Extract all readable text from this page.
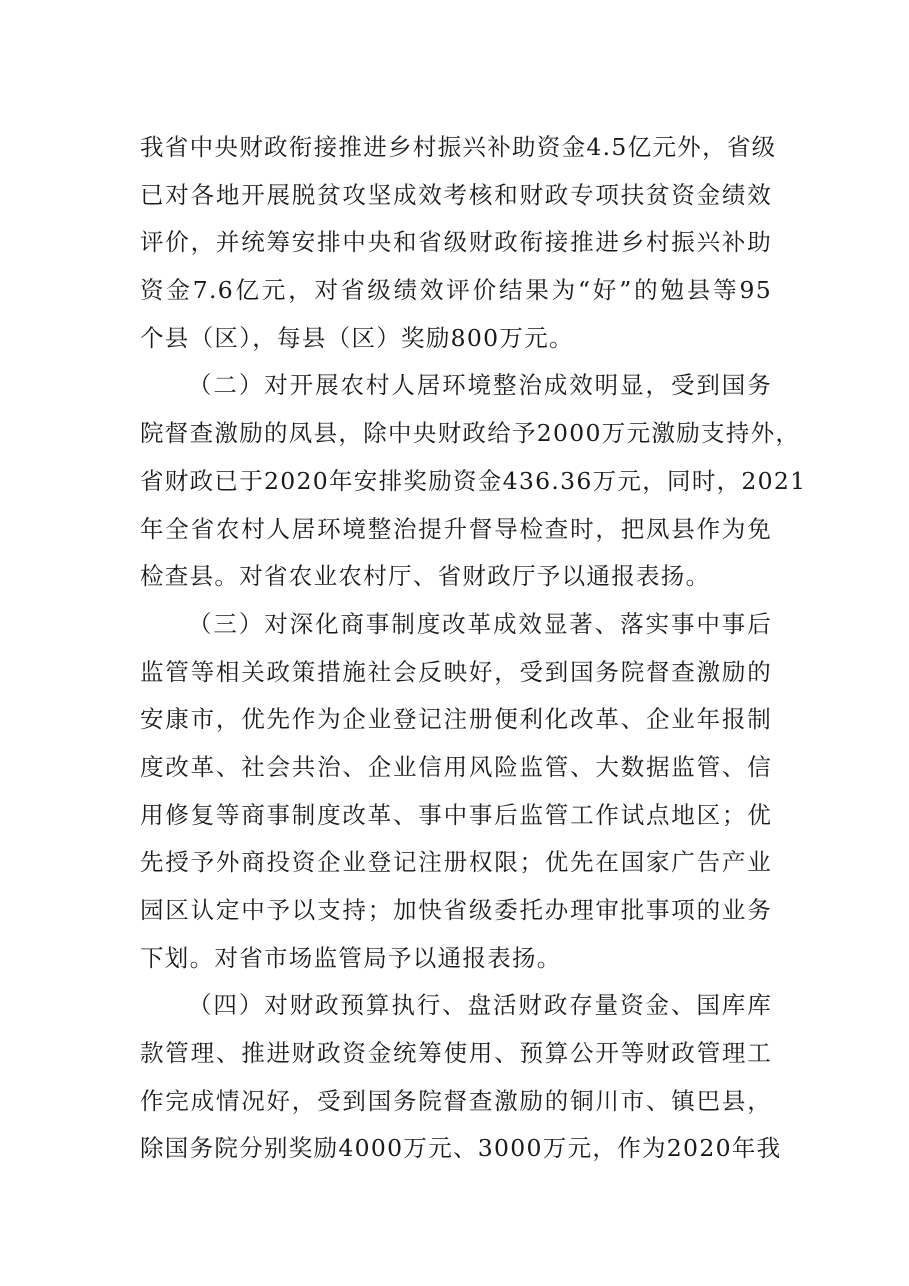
我省中央财政衔接推进乡村振兴补助资金4.5亿元外，省级
已对各地开展脱贫攻坚成效考核和财政专项扶贫资金绩效
评价，并统筹安排中央和省级财政衔接推进乡村振兴补助
资金7.6亿元，对省级绩效评价结果为“好”的勉县等95
个县（区），每县（区）奖励800万元。

（二）对开展农村人居环境整治成效明显，受到国务
院督查激励的凤县，除中央财政给予2000万元激励支持外，
省财政已于2020年安排奖励资金436.36万元，同时，2021
年全省农村人居环境整治提升督导检查时，把凤县作为免
检查县。对省农业农村厅、省财政厅予以通报表扬。

（三）对深化商事制度改革成效显著、落实事中事后
监管等相关政策措施社会反映好，受到国务院督查激励的
安康市，优先作为企业登记注册便利化改革、企业年报制
度改革、社会共治、企业信用风险监管、大数据监管、信
用修复等商事制度改革、事中事后监管工作试点地区；优
先授予外商投资企业登记注册权限；优先在国家广告产业
园区认定中予以支持；加快省级委托办理审批事项的业务
下划。对省市场监管局予以通报表扬。

（四）对财政预算执行、盘活财政存量资金、国库库
款管理、推进财政资金统筹使用、预算公开等财政管理工
作完成情况好，受到国务院督查激励的铜川市、镇巴县，
除国务院分别奖励4000万元、3000万元，作为2020年我
